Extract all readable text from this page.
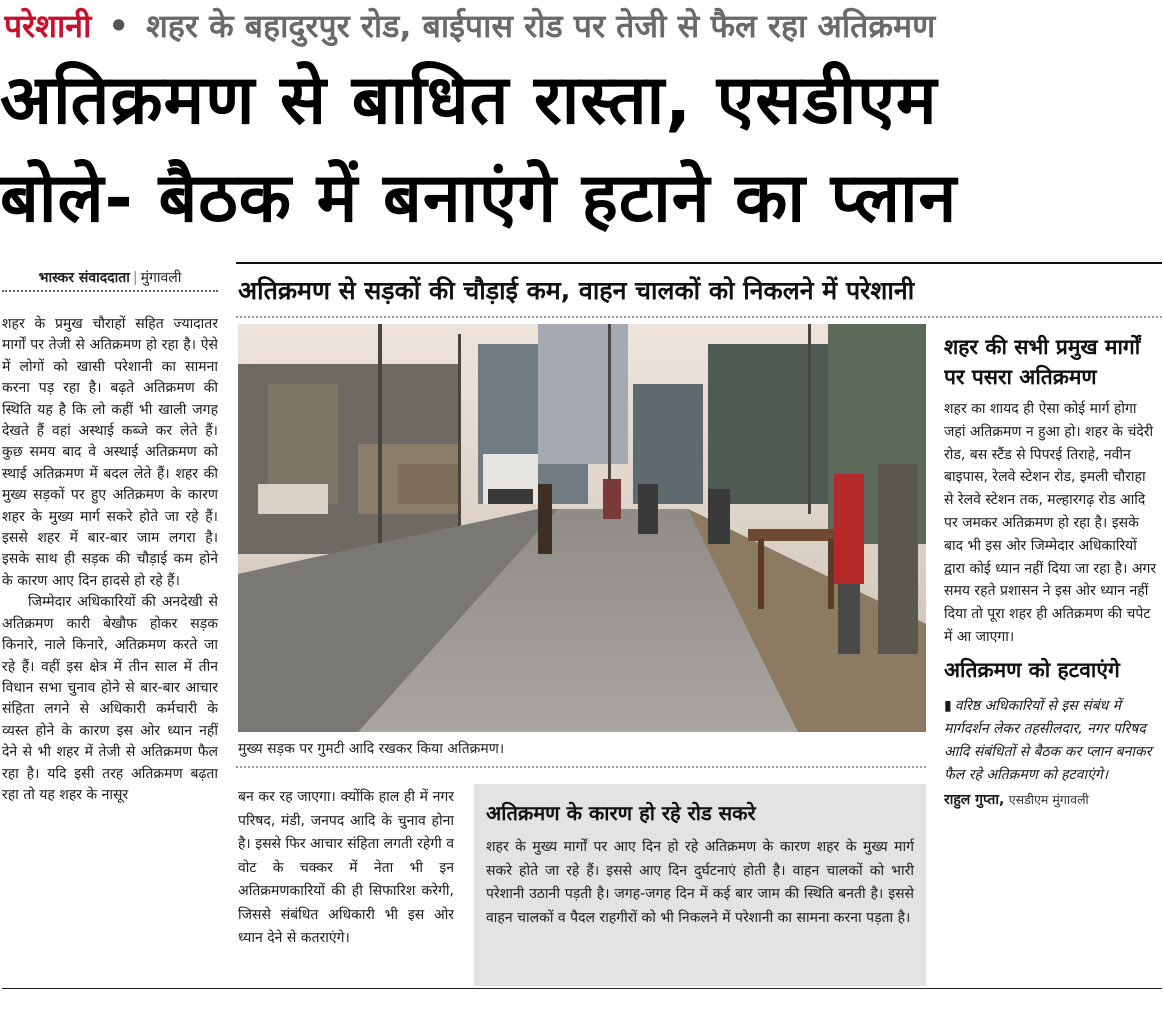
परेशानी • शहर के बहादुरपुर रोड, बाईपास रोड पर तेजी से फैल रहा अतिक्रमण
अतिक्रमण से बाधित रास्ता, एसडीएम
बोले- बैठक में बनाएंगे हटाने का प्लान
भास्कर संवाददाता | मुंगावली	अतिक्रमण से सड़कों की चौड़ाई कम, वाहन चालकों को निकलने में परेशानी

शहर के प्रमुख चौराहों सहित ज्यादातर मार्गों पर तेजी से अतिक्रमण हो रहा है। ऐसे में लोगों को खासी परेशानी का सामना करना पड़ रहा है। बढ़ते अतिक्रमण की स्थिति यह है कि लो कहीं भी खाली जगह देखते हैं वहां अस्थाई कब्जे कर लेते हैं। कुछ समय बाद वे अस्थाई अतिक्रमण को स्थाई अतिक्रमण में बदल लेते हैं। शहर की मुख्य सड़कों पर हुए अतिक्रमण के कारण शहर के मुख्य मार्ग सकरे होते जा रहे हैं। इससे शहर में बार-बार जाम लगरा है। इसके साथ ही सड़क की चौड़ाई कम होने के कारण आए दिन हादसे हो रहे हैं।

जिम्मेदार अधिकारियों की अनदेखी से अतिक्रमण कारी बेखौफ होकर सड़क किनारे, नाले किनारे, अतिक्रमण करते जा रहे हैं। वहीं इस क्षेत्र में तीन साल में तीन विधान सभा चुनाव होने से बार-बार आचार संहिता लगने से अधिकारी कर्मचारी के व्यस्त होने के कारण इस ओर ध्यान नहीं देने से भी शहर में तेजी से अतिक्रमण फैल रहा है। यदि इसी तरह अतिक्रमण बढ़ता रहा तो यह शहर के नासूर

मुख्य सड़क पर गुमटी आदि रखकर किया अतिक्रमण।
बन कर रह जाएगा। क्योंकि हाल ही में नगर परिषद, मंडी, जनपद आदि के चुनाव होना है। इससे फिर आचार संहिता लगती रहेगी व वोट के चक्कर में नेता भी इन अतिक्रमणकारियों की ही सिफारिश करेगी, जिससे संबंधित अधिकारी भी इस ओर ध्यान देने से कतराएंगे।
अतिक्रमण के कारण हो रहे रोड सकरे

शहर के मुख्य मार्गों पर आए दिन हो रहे अतिक्रमण के कारण शहर के मुख्य मार्ग सकरे होते जा रहे हैं। इससे आए दिन दुर्घटनाएं होती है। वाहन चालकों को भारी परेशानी उठानी पड़ती है। जगह-जगह दिन में कई बार जाम की स्थिति बनती है। इससे वाहन चालकों व पैदल राहगीरों को भी निकलने में परेशानी का सामना करना पड़ता है।

शहर की सभी प्रमुख मार्गों पर पसरा अतिक्रमण
शहर का शायद ही ऐसा कोई मार्ग होगा जहां अतिक्रमण न हुआ हो। शहर के चंदेरी रोड, बस स्टैंड से पिपरई तिराहे, नवीन बाइपास, रेलवे स्टेशन रोड, इमली चौराहा से रेलवे स्टेशन तक, मल्हारगढ़ रोड आदि पर जमकर अतिक्रमण हो रहा है। इसके बाद भी इस ओर जिम्मेदार अधिकारियों द्वारा कोई ध्यान नहीं दिया जा रहा है। अगर समय रहते प्रशासन ने इस ओर ध्यान नहीं दिया तो पूरा शहर ही अतिक्रमण की चपेट में आ जाएगा।
अतिक्रमण को हटवाएंगे
▮ वरिष्ठ अधिकारियों से इस संबंध में मार्गदर्शन लेकर तहसीलदार, नगर परिषद आदि संबंधितों से बैठक कर प्लान बनाकर फैल रहे अतिक्रमण को हटवाएंगे।
राहुल गुप्ता, एसडीएम मुंगावली
